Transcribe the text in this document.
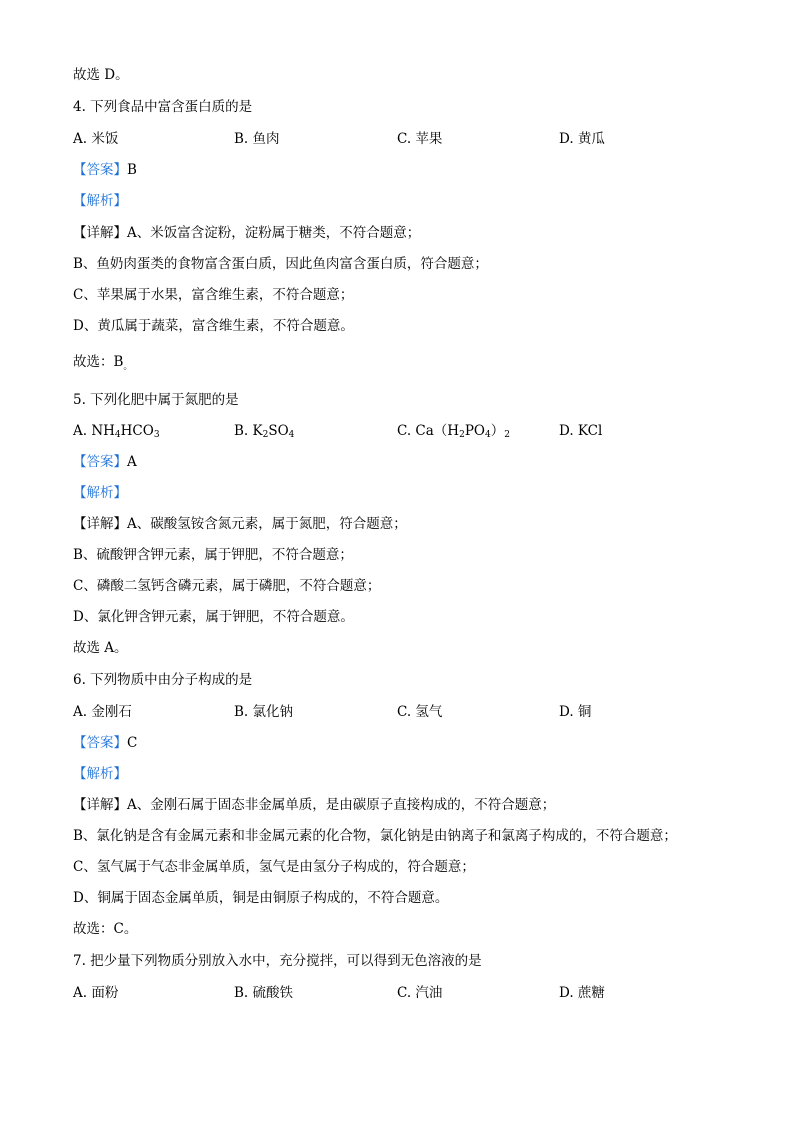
故选 D。
4. 下列食品中富含蛋白质的是
A. 米饭	B. 鱼肉	C. 苹果	D. 黄瓜
【答案】B
【解析】
【详解】A、米饭富含淀粉，淀粉属于糖类，不符合题意；
B、鱼奶肉蛋类的食物富含蛋白质，因此鱼肉富含蛋白质，符合题意；
C、苹果属于水果，富含维生素，不符合题意；
D、黄瓜属于蔬菜，富含维生素，不符合题意。
故选：$B_。$
5. 下列化肥中属于氮肥的是
A. $NH_4HCO_3$	B. $K_2SO_4$	C. $Ca(H_2PO_4)_2$	D. KCl
【答案】A
【解析】
【详解】A、碳酸氢铵含氮元素，属于氮肥，符合题意；
B、硫酸钾含钾元素，属于钾肥，不符合题意；
C、磷酸二氢钙含磷元素，属于磷肥，不符合题意；
D、氯化钾含钾元素，属于钾肥，不符合题意。
故选 A。
6. 下列物质中由分子构成的是
A. 金刚石	B. 氯化钠	C. 氢气	D. 铜
【答案】C
【解析】
【详解】A、金刚石属于固态非金属单质，是由碳原子直接构成的，不符合题意；
B、氯化钠是含有金属元素和非金属元素的化合物，氯化钠是由钠离子和氯离子构成的，不符合题意；
C、氢气属于气态非金属单质，氢气是由氢分子构成的，符合题意；
D、铜属于固态金属单质，铜是由铜原子构成的，不符合题意。
故选：C。
7. 把少量下列物质分别放入水中，充分搅拌，可以得到无色溶液的是
A. 面粉	B. 硫酸铁	C. 汽油	D. 蔗糖
